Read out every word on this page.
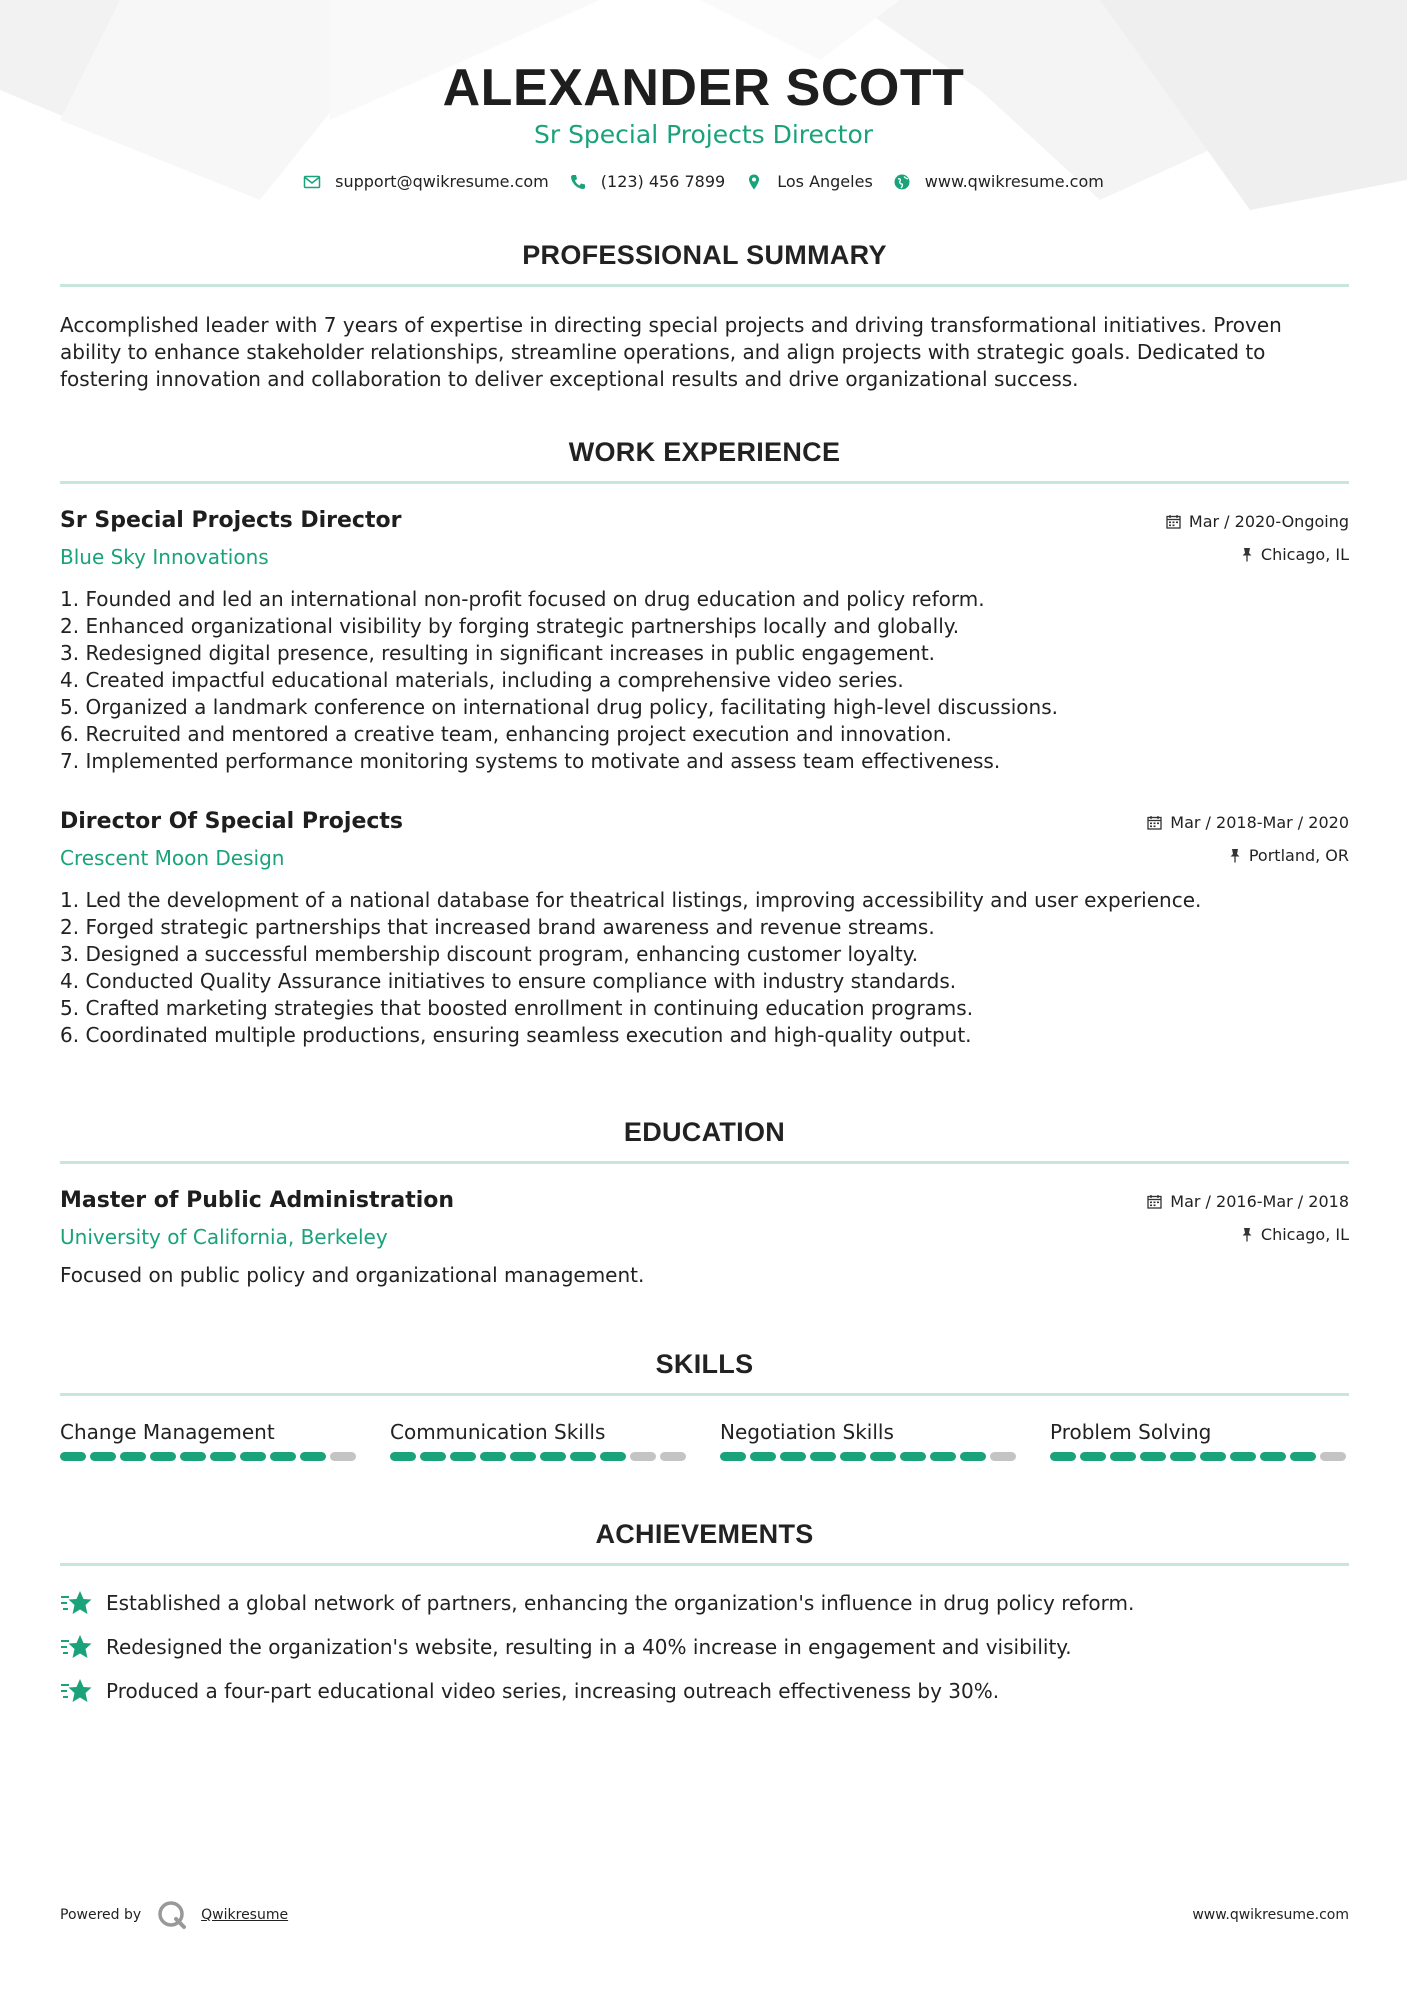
ALEXANDER SCOTT
Sr Special Projects Director
support@qwikresume.com	(123) 456 7899	Los Angeles	www.qwikresume.com
PROFESSIONAL SUMMARY
Accomplished leader with 7 years of expertise in directing special projects and driving transformational initiatives. Proven
ability to enhance stakeholder relationships, streamline operations, and align projects with strategic goals. Dedicated to
fostering innovation and collaboration to deliver exceptional results and drive organizational success.
WORK EXPERIENCE
Sr Special Projects Director
Blue Sky Innovations
Mar / 2020-Ongoing
Chicago, IL
1. Founded and led an international non-profit focused on drug education and policy reform.
2. Enhanced organizational visibility by forging strategic partnerships locally and globally.
3. Redesigned digital presence, resulting in significant increases in public engagement.
4. Created impactful educational materials, including a comprehensive video series.
5. Organized a landmark conference on international drug policy, facilitating high-level discussions.
6. Recruited and mentored a creative team, enhancing project execution and innovation.
7. Implemented performance monitoring systems to motivate and assess team effectiveness.
Director Of Special Projects
Crescent Moon Design
Mar / 2018-Mar / 2020
Portland, OR
1. Led the development of a national database for theatrical listings, improving accessibility and user experience.
2. Forged strategic partnerships that increased brand awareness and revenue streams.
3. Designed a successful membership discount program, enhancing customer loyalty.
4. Conducted Quality Assurance initiatives to ensure compliance with industry standards.
5. Crafted marketing strategies that boosted enrollment in continuing education programs.
6. Coordinated multiple productions, ensuring seamless execution and high-quality output.
EDUCATION
Master of Public Administration
University of California, Berkeley
Mar / 2016-Mar / 2018
Chicago, IL
Focused on public policy and organizational management.
SKILLS
Change Management	Communication Skills	Negotiation Skills	Problem Solving
ACHIEVEMENTS
Established a global network of partners, enhancing the organization's influence in drug policy reform.
Redesigned the organization's website, resulting in a 40% increase in engagement and visibility.
Produced a four-part educational video series, increasing outreach effectiveness by 30%.
Powered by	Qwikresume	www.qwikresume.com
